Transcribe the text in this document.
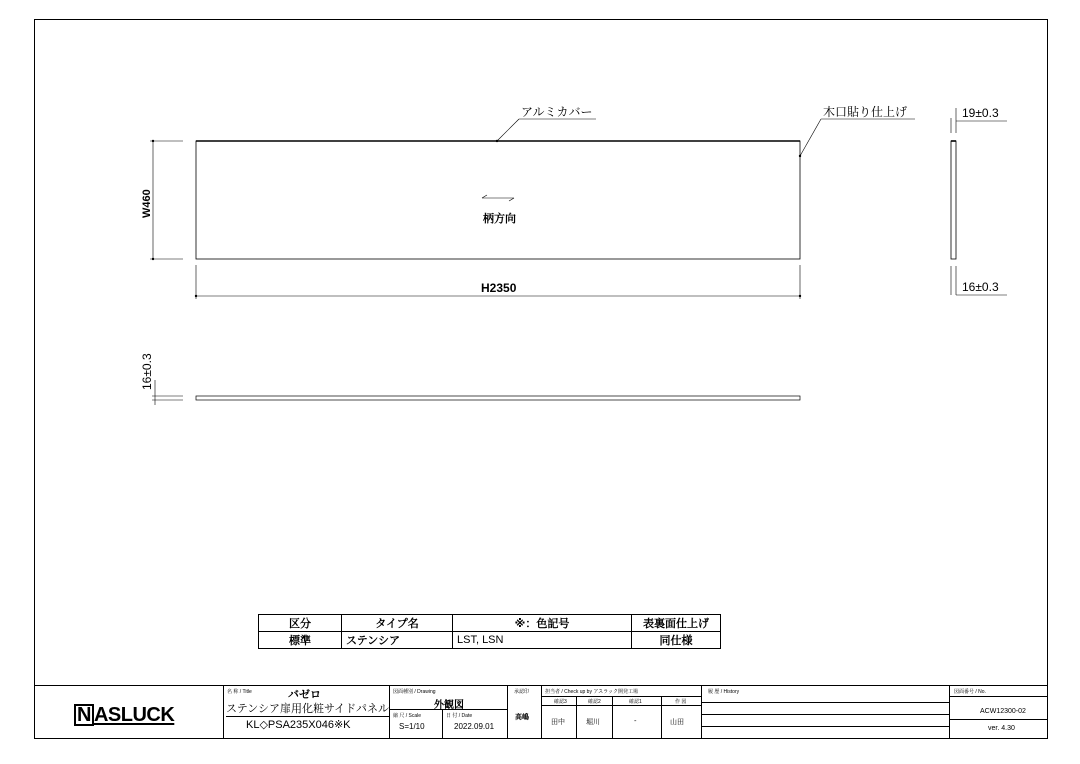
アルミカバー	木口貼り仕上げ
柄方向
W460
H2350
19±0.3
16±0.3
16±0.3
区分	タイプ名	※：色記号	表裏面仕上げ
標準	ステンシア	LST, LSN	同仕様
N ASLUCK
名 称 / Title	バゼロ
ステンシア扉用化粧サイドパネル
KL◇PSA235X046※K
図面種別 / Drawing
外観図
縮 尺 / Scale
S=1/10
日 付 / Date
2022.09.01
承認印
高嶋
担当者 / Check up by アスラック開発工場
確認3	確認2	確認1	作 図
田中	堀川	-	山田
履 歴 / History	図面番号 / No.
ACW12300-02
ver. 4.30
